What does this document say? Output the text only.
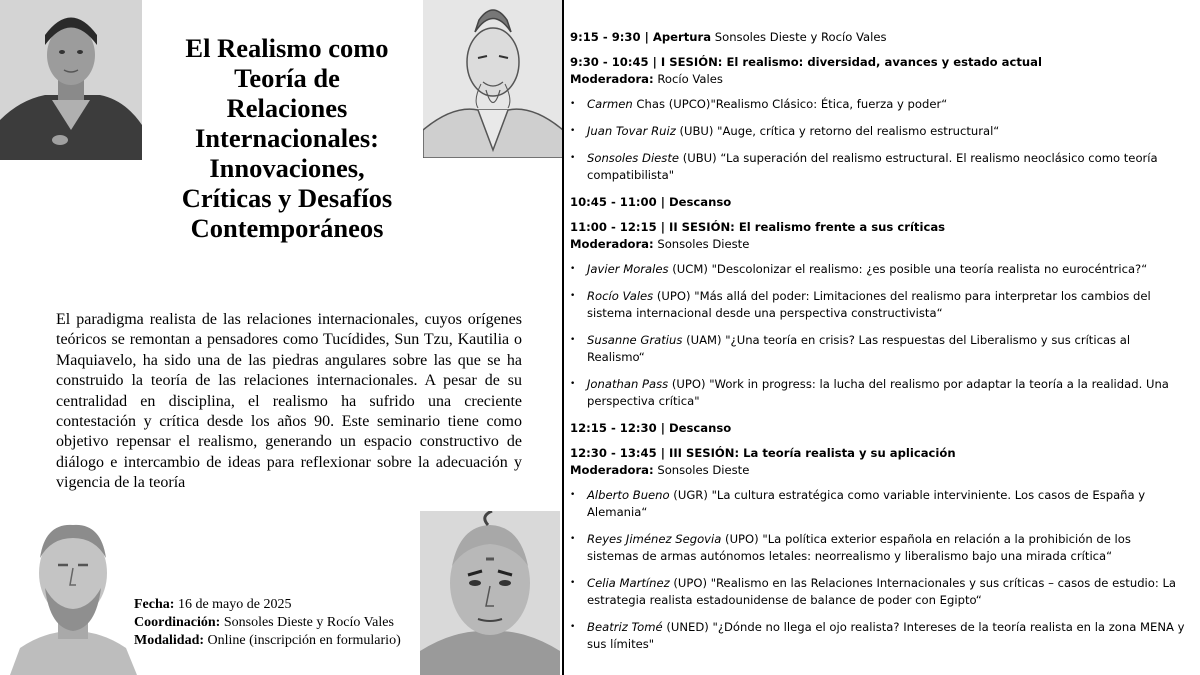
El Realismo como
Teoría de
Relaciones
Internacionales:
Innovaciones,
Críticas y Desafíos
Contemporáneos

El paradigma realista de las relaciones internacionales, cuyos orígenes teóricos se remontan a pensadores como Tucídides, Sun Tzu, Kautilia o Maquiavelo, ha sido una de las piedras angulares sobre las que se ha construido la teoría de las relaciones internacionales. A pesar de su centralidad en disciplina, el realismo ha sufrido una creciente contestación y crítica desde los años 90. Este seminario tiene como objetivo repensar el realismo, generando un espacio constructivo de diálogo e intercambio de ideas para reflexionar sobre la adecuación y vigencia de la teoría

Fecha: 16 de mayo de 2025
Coordinación: Sonsoles Dieste y Rocío Vales
Modalidad: Online (inscripción en formulario)
9:15 - 9:30 | Apertura Sonsoles Dieste y Rocío Vales
9:30 - 10:45 | I SESIÓN: El realismo: diversidad, avances y estado actual
Moderadora: Rocío Vales
•	Carmen Chas (UPCO)"Realismo Clásico: Ética, fuerza y poder“
•	Juan Tovar Ruiz (UBU) "Auge, crítica y retorno del realismo estructural“
•	Sonsoles Dieste (UBU) “La superación del realismo estructural. El realismo neoclásico como teoría compatibilista"
10:45 - 11:00 | Descanso
11:00 - 12:15 | II SESIÓN: El realismo frente a sus críticas
Moderadora: Sonsoles Dieste
•	Javier Morales (UCM) "Descolonizar el realismo: ¿es posible una teoría realista no eurocéntrica?“
•	Rocío Vales (UPO) "Más allá del poder: Limitaciones del realismo para interpretar los cambios del sistema internacional desde una perspectiva constructivista“
•	Susanne Gratius (UAM) "¿Una teoría en crisis? Las respuestas del Liberalismo y sus críticas al Realismo“
•	Jonathan Pass (UPO) "Work in progress: la lucha del realismo por adaptar la teoría a la realidad. Una perspectiva crítica"
12:15 - 12:30 | Descanso
12:30 - 13:45 | III SESIÓN: La teoría realista y su aplicación
Moderadora: Sonsoles Dieste
•	Alberto Bueno (UGR) "La cultura estratégica como variable interviniente. Los casos de España y Alemania“
•	Reyes Jiménez Segovia (UPO) "La política exterior española en relación a la prohibición de los sistemas de armas autónomos letales: neorrealismo y liberalismo bajo una mirada crítica“
•	Celia Martínez (UPO) "Realismo en las Relaciones Internacionales y sus críticas – casos de estudio: La estrategia realista estadounidense de balance de poder con Egipto“
•	Beatriz Tomé (UNED) "¿Dónde no llega el ojo realista? Intereses de la teoría realista en la zona MENA y sus límites"
